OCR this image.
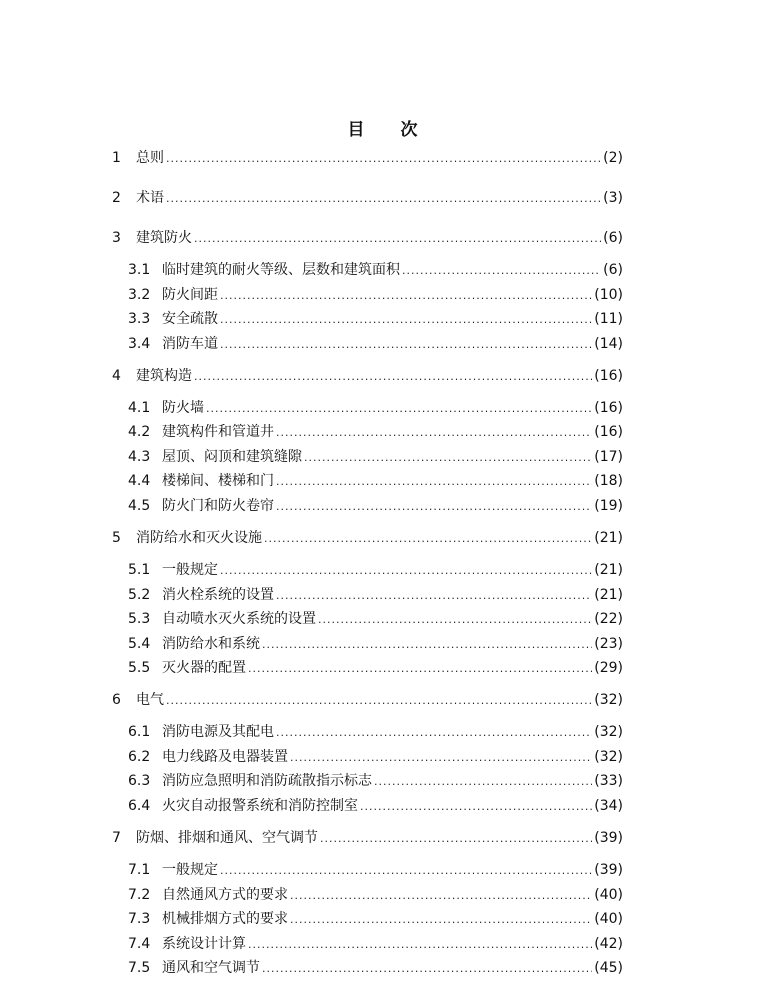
目 次
1	总则 .....	(2)
2	术语 .....	(3)
3	建筑防火 .....	(6)
3.1 临时建筑的耐火等级、层数和建筑面积 .....	(6)
3.2 防火间距 .....	(10)
3.3 安全疏散 .....	(11)
3.4 消防车道 .....	(14)
4	建筑构造 .....	(16)
4.1 防火墙 .....	(16)
4.2 建筑构件和管道井 .....	(16)
4.3 屋顶、闷顶和建筑缝隙 .....	(17)
4.4 楼梯间、楼梯和门 .....	(18)
4.5 防火门和防火卷帘 .....	(19)
5	消防给水和灭火设施 .....	(21)
5.1 一般规定 .....	(21)
5.2 消火栓系统的设置 .....	(21)
5.3 自动喷水灭火系统的设置 .....	(22)
5.4 消防给水和系统 .....	(23)
5.5 灭火器的配置 .....	(29)
6	电气 .....	(32)
6.1 消防电源及其配电 .....	(32)
6.2 电力线路及电器装置 .....	(32)
6.3 消防应急照明和消防疏散指示标志 .....	(33)
6.4 火灾自动报警系统和消防控制室 .....	(34)
7	防烟、排烟和通风、空气调节 .....	(39)
7.1 一般规定 .....	(39)
7.2 自然通风方式的要求 .....	(40)
7.3 机械排烟方式的要求 .....	(40)
7.4 系统设计计算 .....	(42)
7.5 通风和空气调节 .....	(45)
